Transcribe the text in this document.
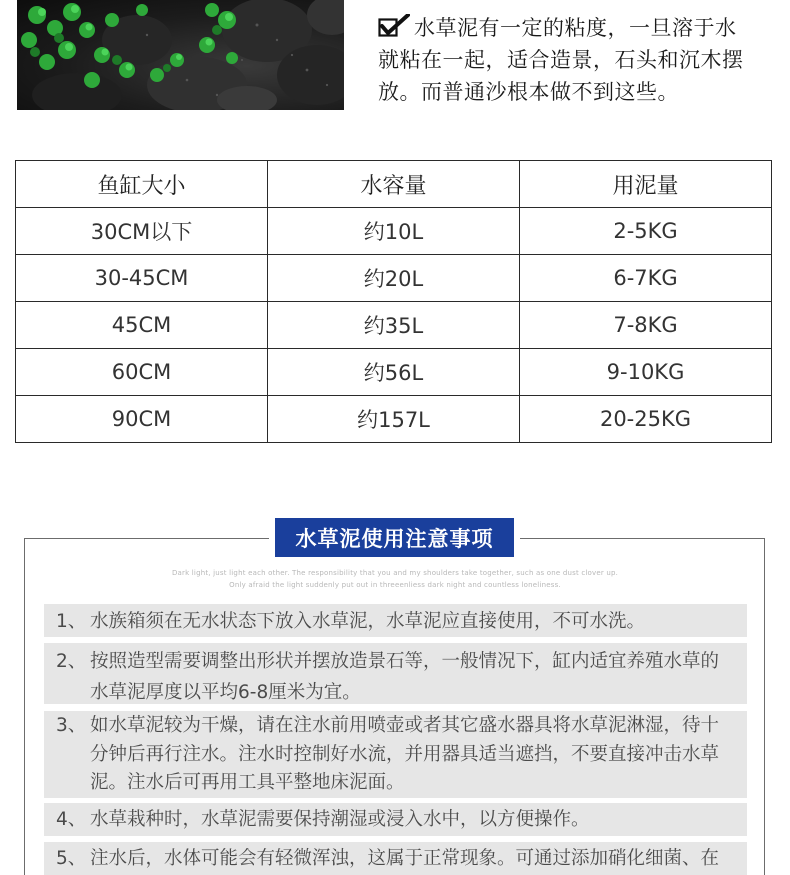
水草泥有一定的粘度，一旦溶于水就粘在一起，适合造景，石头和沉木摆放。而普通沙根本做不到这些。
鱼缸大小	水容量	用泥量
30CM以下	约10L	2-5KG
30-45CM	约20L	6-7KG
45CM	约35L	7-8KG
60CM	约56L	9-10KG
90CM	约157L	20-25KG
水草泥使用注意事项
Dark light, just light each other. The responsibility that you and my shoulders take together, such as one dust clover up.
Only afraid the light suddenly put out in threeenliess dark night and countless loneliness.
1、 水族箱须在无水状态下放入水草泥，水草泥应直接使用，不可水洗。
2、 按照造型需要调整出形状并摆放造景石等，一般情况下，缸内适宜养殖水草的水草泥厚度以平均6-8厘米为宜。
3、 如水草泥较为干燥，请在注水前用喷壶或者其它盛水器具将水草泥淋湿，待十分钟后再行注水。注水时控制好水流，并用器具适当遮挡，不要直接冲击水草泥。注水后可再用工具平整地床泥面。
4、 水草栽种时，水草泥需要保持潮湿或浸入水中，以方便操作。
5、 注水后，水体可能会有轻微浑浊，这属于正常现象。可通过添加硝化细菌、在
